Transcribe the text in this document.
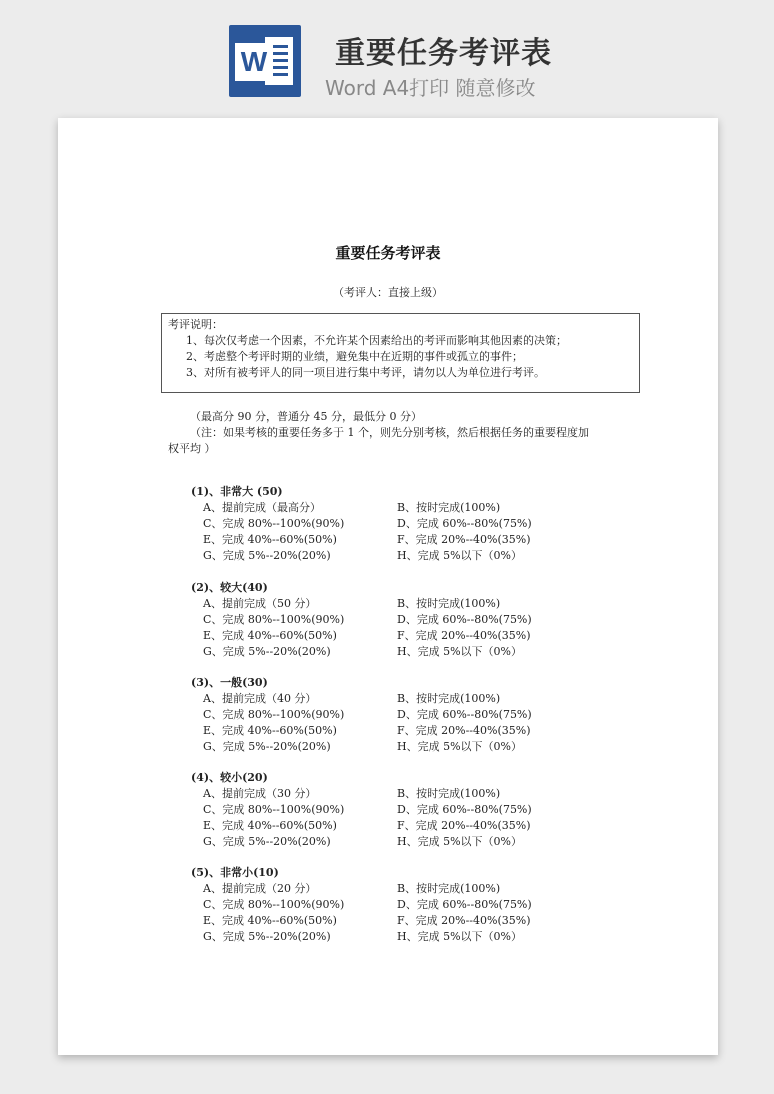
W 重要任务考评表
Word A4打印 随意修改
重要任务考评表
（考评人：直接上级）
考评说明：
1、每次仅考虑一个因素，不允许某个因素给出的考评而影响其他因素的决策；
2、考虑整个考评时期的业绩，避免集中在近期的事件或孤立的事件；
3、对所有被考评人的同一项目进行集中考评，请勿以人为单位进行考评。
（最高分 90 分，普通分 45 分，最低分 0 分）
（注：如果考核的重要任务多于 1 个，则先分别考核，然后根据任务的重要程度加
权平均 ）
(1)、非常大 (50)
A、提前完成（最高分）	B、按时完成(100%)
C、完成 80%--100%(90%)	D、完成 60%--80%(75%)
E、完成 40%--60%(50%)	F、完成 20%--40%(35%)
G、完成 5%--20%(20%)	H、完成 5%以下（0%）
(2)、较大(40)
A、提前完成（50 分）	B、按时完成(100%)
C、完成 80%--100%(90%)	D、完成 60%--80%(75%)
E、完成 40%--60%(50%)	F、完成 20%--40%(35%)
G、完成 5%--20%(20%)	H、完成 5%以下（0%）
(3)、一般(30)
A、提前完成（40 分）	B、按时完成(100%)
C、完成 80%--100%(90%)	D、完成 60%--80%(75%)
E、完成 40%--60%(50%)	F、完成 20%--40%(35%)
G、完成 5%--20%(20%)	H、完成 5%以下（0%）
(4)、较小(20)
A、提前完成（30 分）	B、按时完成(100%)
C、完成 80%--100%(90%)	D、完成 60%--80%(75%)
E、完成 40%--60%(50%)	F、完成 20%--40%(35%)
G、完成 5%--20%(20%)	H、完成 5%以下（0%）
(5)、非常小(10)
A、提前完成（20 分）	B、按时完成(100%)
C、完成 80%--100%(90%)	D、完成 60%--80%(75%)
E、完成 40%--60%(50%)	F、完成 20%--40%(35%)
G、完成 5%--20%(20%)	H、完成 5%以下（0%）
